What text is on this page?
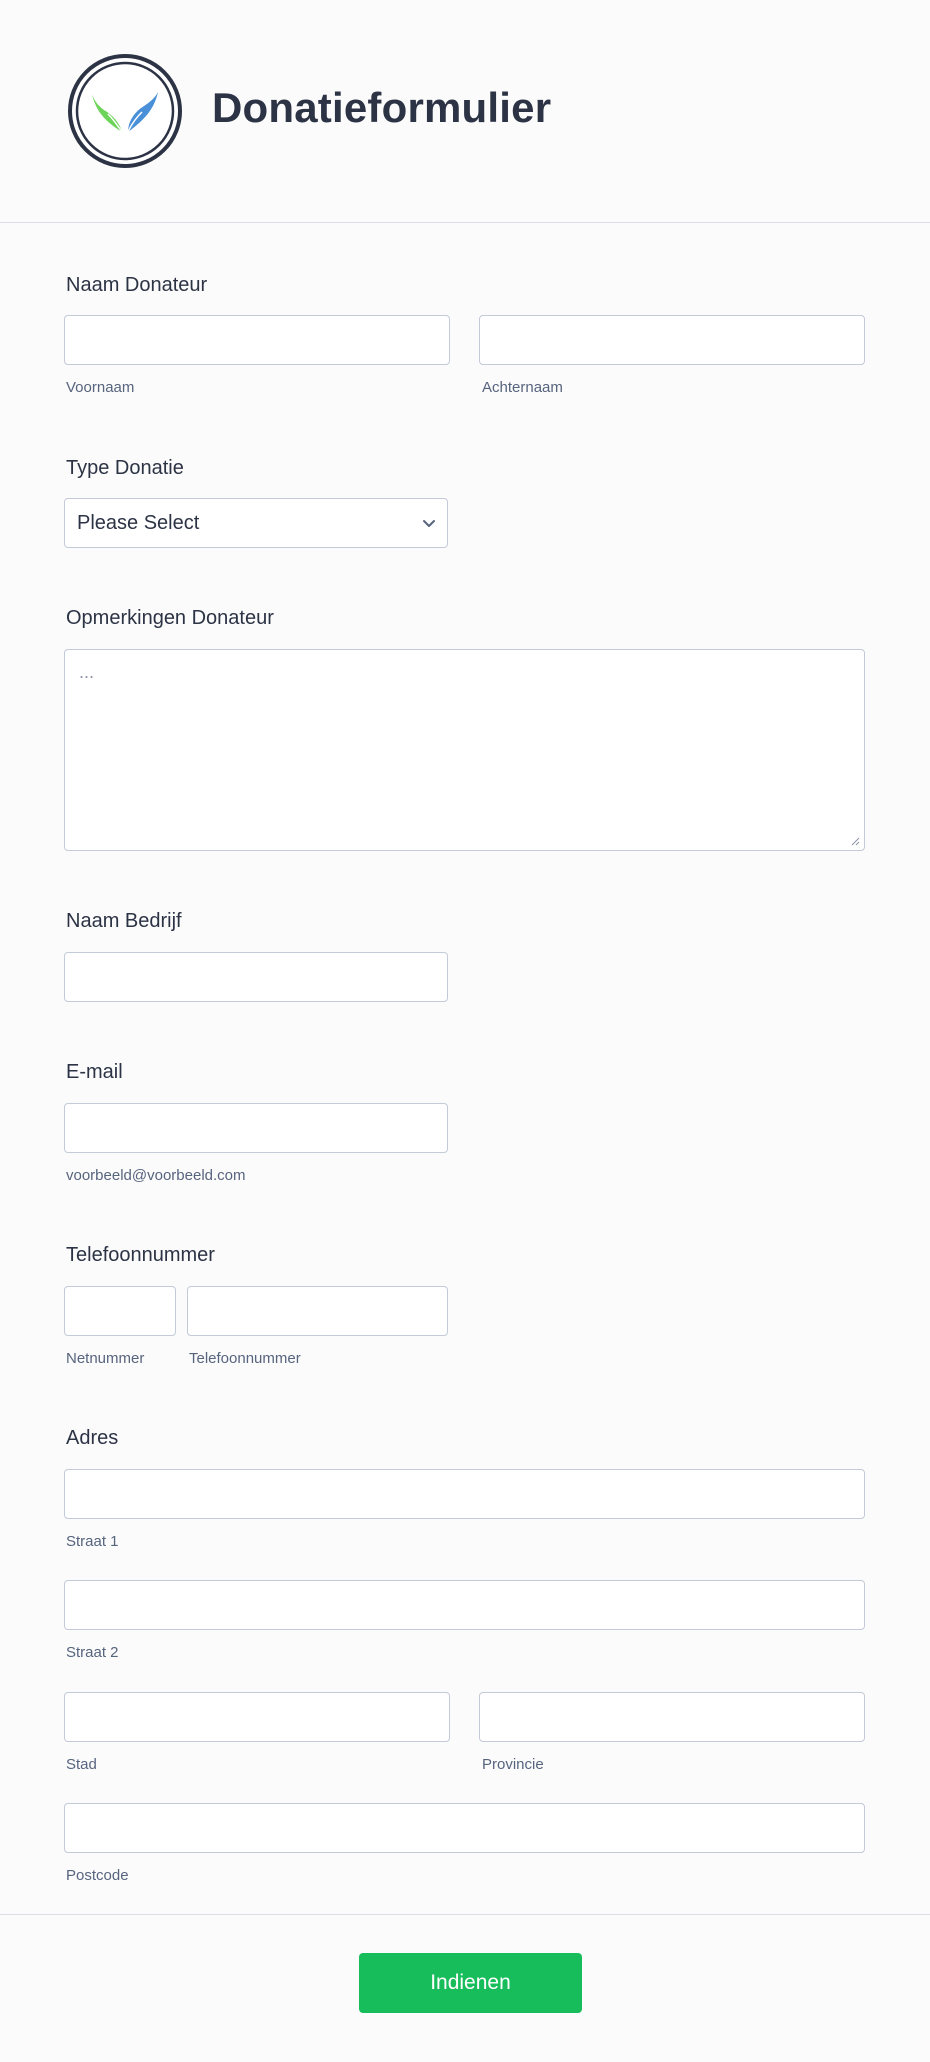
Donatieformulier
Naam Donateur
Voornaam	Achternaam
Type Donatie
Please Select
Opmerkingen Donateur
...
Naam Bedrijf
E-mail
voorbeeld@voorbeeld.com
Telefoonnummer
Netnummer	Telefoonnummer
Adres
Straat 1
Straat 2
Stad	Provincie
Postcode
Indienen
